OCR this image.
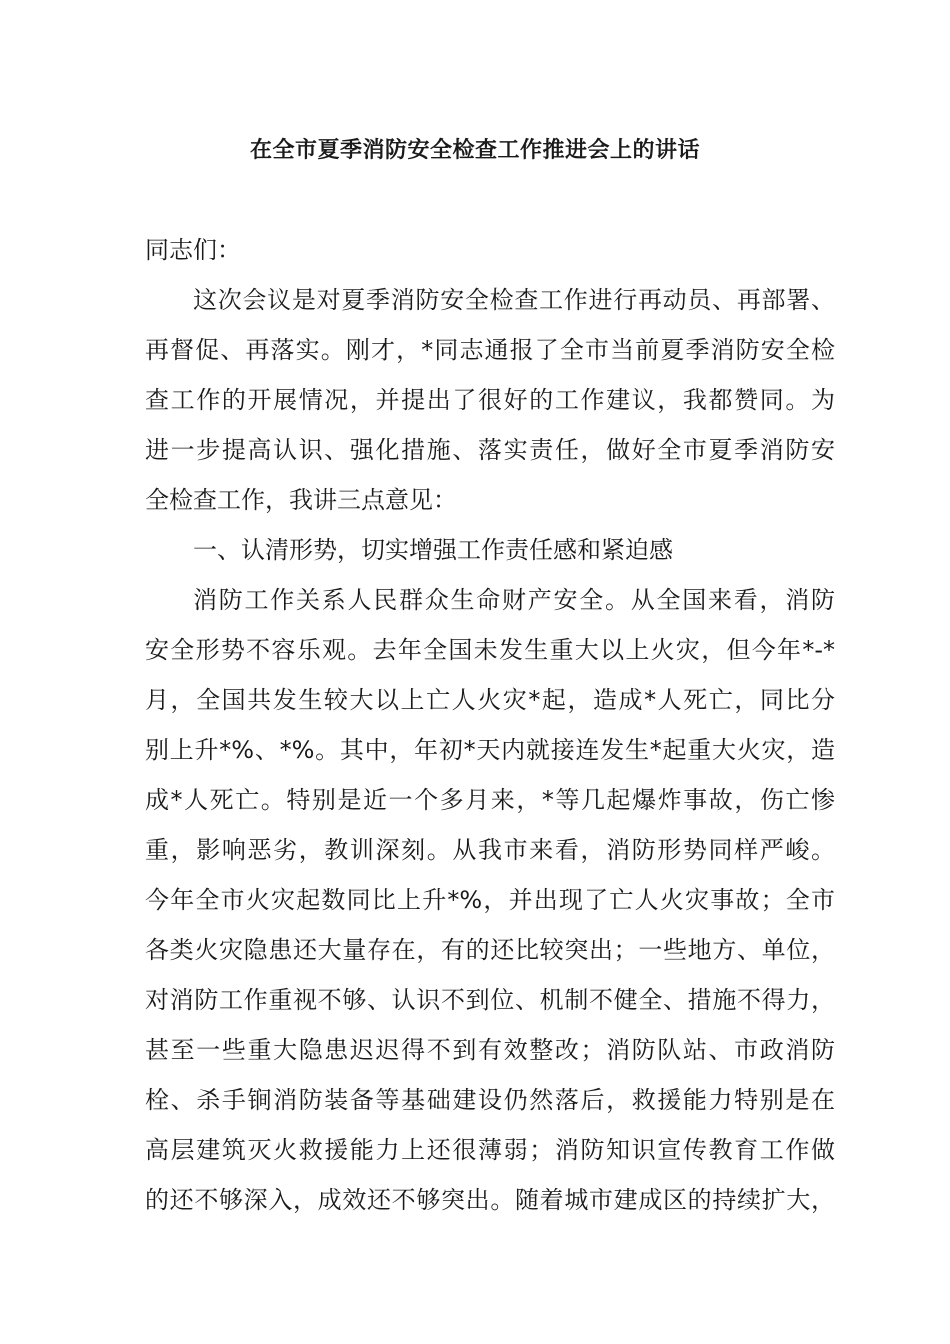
在全市夏季消防安全检查工作推进会上的讲话
同志们：
这次会议是对夏季消防安全检查工作进行再动员、再部署、
再督促、再落实。刚才，*同志通报了全市当前夏季消防安全检
查工作的开展情况，并提出了很好的工作建议，我都赞同。为
进一步提高认识、强化措施、落实责任，做好全市夏季消防安
全检查工作，我讲三点意见：
一、认清形势，切实增强工作责任感和紧迫感
消防工作关系人民群众生命财产安全。从全国来看，消防
安全形势不容乐观。去年全国未发生重大以上火灾，但今年*-*
月，全国共发生较大以上亡人火灾*起，造成*人死亡，同比分
别上升*%、*%。其中，年初*天内就接连发生*起重大火灾，造
成*人死亡。特别是近一个多月来，*等几起爆炸事故，伤亡惨
重，影响恶劣，教训深刻。从我市来看，消防形势同样严峻。
今年全市火灾起数同比上升*%，并出现了亡人火灾事故；全市
各类火灾隐患还大量存在，有的还比较突出；一些地方、单位，
对消防工作重视不够、认识不到位、机制不健全、措施不得力，
甚至一些重大隐患迟迟得不到有效整改；消防队站、市政消防
栓、杀手锏消防装备等基础建设仍然落后，救援能力特别是在
高层建筑灭火救援能力上还很薄弱；消防知识宣传教育工作做
的还不够深入，成效还不够突出。随着城市建成区的持续扩大，
